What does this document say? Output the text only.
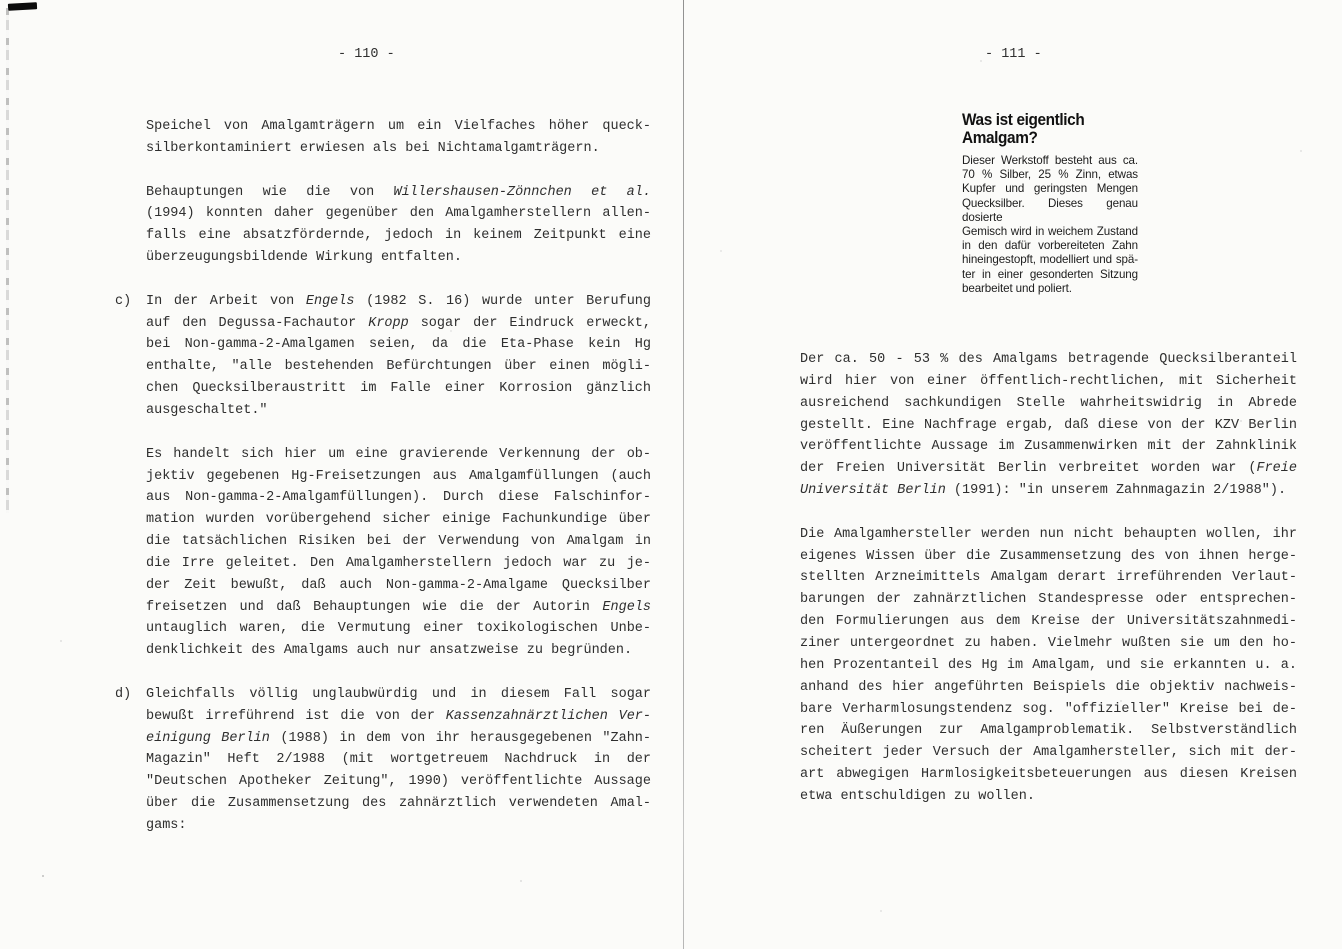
- 110 -
Speichel von Amalgamträgern um ein Vielfaches höher queck-
silberkontaminiert erwiesen als bei Nichtamalgamträgern.
Behauptungen wie die von Willershausen-Zönnchen et al.
(1994) konnten daher gegenüber den Amalgamherstellern allen-
falls eine absatzfördernde, jedoch in keinem Zeitpunkt eine
überzeugungsbildende Wirkung entfalten.
c) In der Arbeit von Engels (1982 S. 16) wurde unter Berufung
auf den Degussa-Fachautor Kropp sogar der Eindruck erweckt,
bei Non-gamma-2-Amalgamen seien, da die Eta-Phase kein Hg
enthalte, "alle bestehenden Befürchtungen über einen mögli-
chen Quecksilberaustritt im Falle einer Korrosion gänzlich
ausgeschaltet."
Es handelt sich hier um eine gravierende Verkennung der ob-
jektiv gegebenen Hg-Freisetzungen aus Amalgamfüllungen (auch
aus Non-gamma-2-Amalgamfüllungen). Durch diese Falschinfor-
mation wurden vorübergehend sicher einige Fachunkundige über
die tatsächlichen Risiken bei der Verwendung von Amalgam in
die Irre geleitet. Den Amalgamherstellern jedoch war zu je-
der Zeit bewußt, daß auch Non-gamma-2-Amalgame Quecksilber
freisetzen und daß Behauptungen wie die der Autorin Engels
untauglich waren, die Vermutung einer toxikologischen Unbe-
denklichkeit des Amalgams auch nur ansatzweise zu begründen.
d) Gleichfalls völlig unglaubwürdig und in diesem Fall sogar
bewußt irreführend ist die von der Kassenzahnärztlichen Ver-
einigung Berlin (1988) in dem von ihr herausgegebenen "Zahn-
Magazin" Heft 2/1988 (mit wortgetreuem Nachdruck in der
"Deutschen Apotheker Zeitung", 1990) veröffentlichte Aussage
über die Zusammensetzung des zahnärztlich verwendeten Amal-
gams:
- 111 -
Was ist eigentlich
Amalgam?
Dieser Werkstoff besteht aus ca.
70 % Silber, 25 % Zinn, etwas
Kupfer und geringsten Mengen
Quecksilber. Dieses genau dosierte
Gemisch wird in weichem Zustand
in den dafür vorbereiteten Zahn
hineingestopft, modelliert und spä-
ter in einer gesonderten Sitzung
bearbeitet und poliert.
Der ca. 50 - 53 % des Amalgams betragende Quecksilberanteil
wird hier von einer öffentlich-rechtlichen, mit Sicherheit
ausreichend sachkundigen Stelle wahrheitswidrig in Abrede
gestellt. Eine Nachfrage ergab, daß diese von der KZV Berlin
veröffentlichte Aussage im Zusammenwirken mit der Zahnklinik
der Freien Universität Berlin verbreitet worden war (Freie
Universität Berlin (1991): "in unserem Zahnmagazin 2/1988").
Die Amalgamhersteller werden nun nicht behaupten wollen, ihr
eigenes Wissen über die Zusammensetzung des von ihnen herge-
stellten Arzneimittels Amalgam derart irreführenden Verlaut-
barungen der zahnärztlichen Standespresse oder entsprechen-
den Formulierungen aus dem Kreise der Universitätszahnmedi-
ziner untergeordnet zu haben. Vielmehr wußten sie um den ho-
hen Prozentanteil des Hg im Amalgam, und sie erkannten u. a.
anhand des hier angeführten Beispiels die objektiv nachweis-
bare Verharmlosungstendenz sog. "offizieller" Kreise bei de-
ren Äußerungen zur Amalgamproblematik. Selbstverständlich
scheitert jeder Versuch der Amalgamhersteller, sich mit der-
art abwegigen Harmlosigkeitsbeteuerungen aus diesen Kreisen
etwa entschuldigen zu wollen.
